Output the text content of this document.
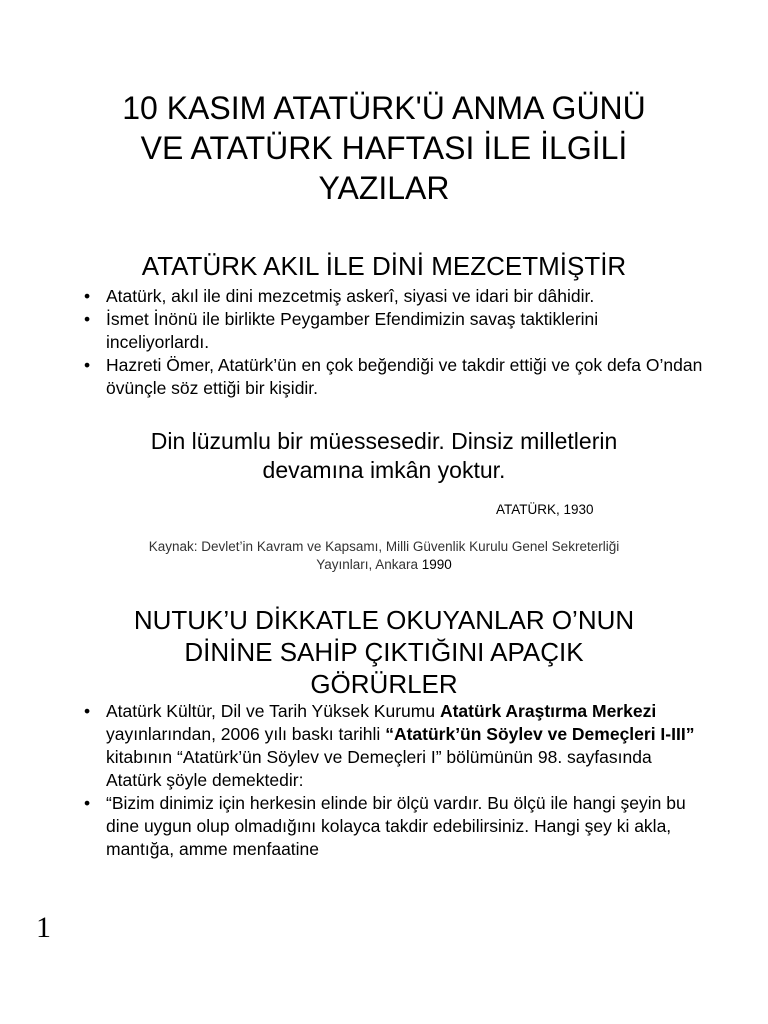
10 KASIM ATATÜRK'Ü ANMA GÜNÜ
VE ATATÜRK HAFTASI İLE İLGİLİ
YAZILAR
ATATÜRK AKIL İLE DİNİ MEZCETMİŞTİR
• Atatürk, akıl ile dini mezcetmiş askerî, siyasi ve idari bir dâhidir.
• İsmet İnönü ile birlikte Peygamber Efendimizin savaş taktiklerini inceliyorlardı.
• Hazreti Ömer, Atatürk’ün en çok beğendiği ve takdir ettiği ve çok defa O’ndan övünçle söz ettiği bir kişidir.

Din lüzumlu bir müessesedir. Dinsiz milletlerin
devamına imkân yoktur.

ATATÜRK, 1930
Kaynak: Devlet’in Kavram ve Kapsamı, Milli Güvenlik Kurulu Genel Sekreterliği
Yayınları, Ankara 1990
NUTUK’U DİKKATLE OKUYANLAR O’NUN
DİNİNE SAHİP ÇIKTIĞINI APAÇIK
GÖRÜRLER
• Atatürk Kültür, Dil ve Tarih Yüksek Kurumu Atatürk Araştırma Merkezi yayınlarından, 2006 yılı baskı tarihli “Atatürk’ün Söylev ve Demeçleri I-III” kitabının “Atatürk’ün Söylev ve Demeçleri I” bölümünün 98. sayfasında Atatürk şöyle demektedir:
• “Bizim dinimiz için herkesin elinde bir ölçü vardır. Bu ölçü ile hangi şeyin bu dine uygun olup olmadığını kolayca takdir edebilirsiniz. Hangi şey ki akla, mantığa, amme menfaatine
1
